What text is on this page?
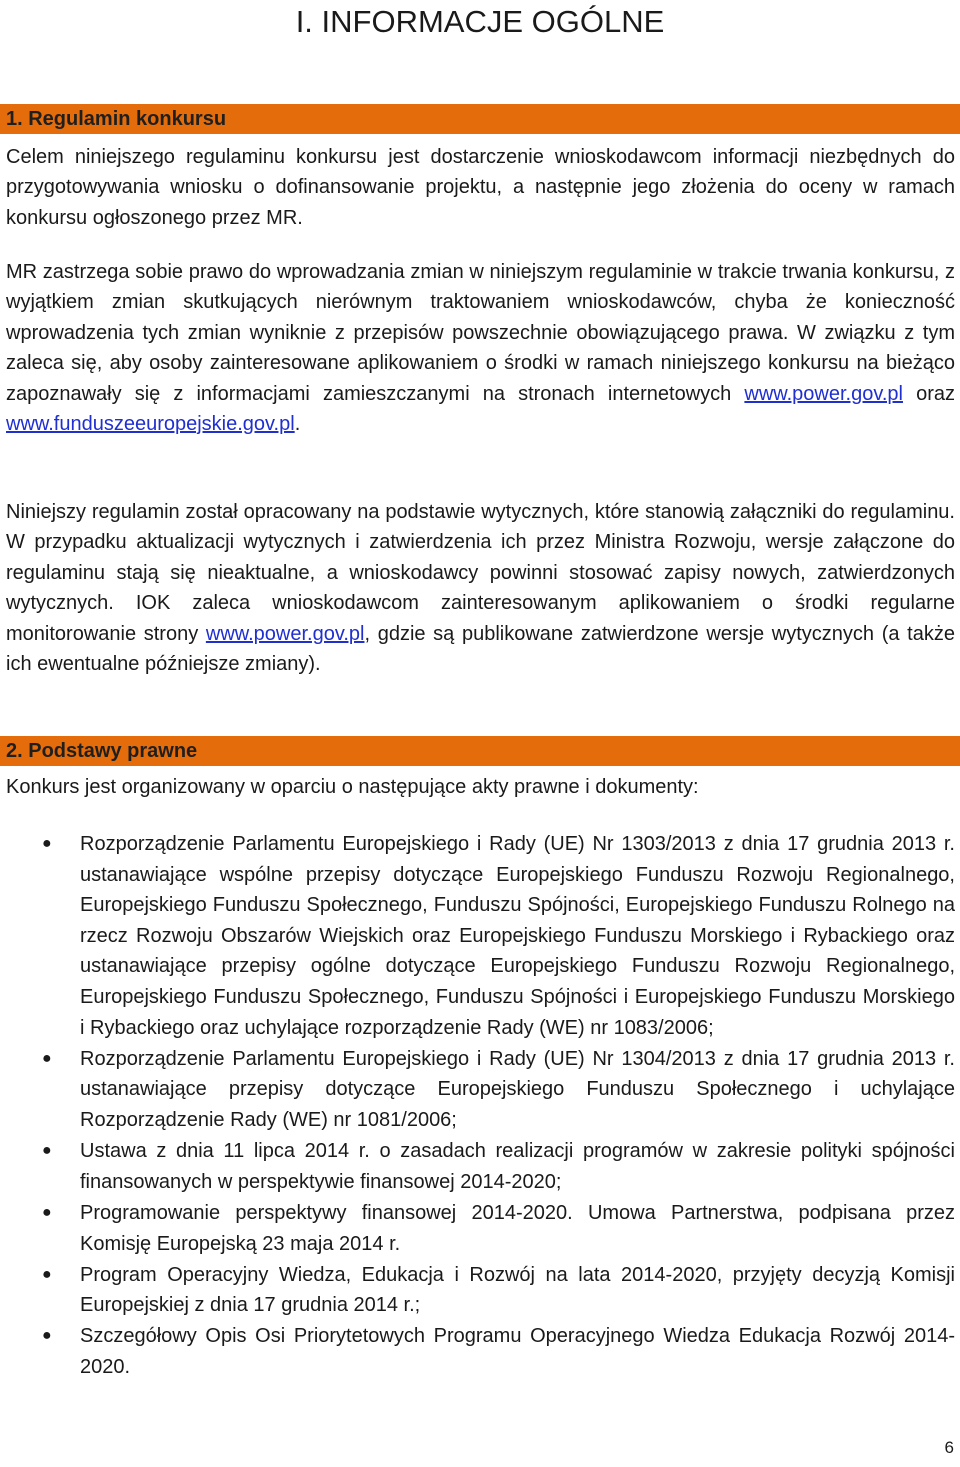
I. INFORMACJE OGÓLNE
1. Regulamin konkursu

Celem niniejszego regulaminu konkursu jest dostarczenie wnioskodawcom informacji niezbędnych do przygotowywania wniosku o dofinansowanie projektu, a następnie jego złożenia do oceny w ramach konkursu ogłoszonego przez MR.

MR zastrzega sobie prawo do wprowadzania zmian w niniejszym regulaminie w trakcie trwania konkursu, z wyjątkiem zmian skutkujących nierównym traktowaniem wnioskodawców, chyba że konieczność wprowadzenia tych zmian wyniknie z przepisów powszechnie obowiązującego prawa. W związku z tym zaleca się, aby osoby zainteresowane aplikowaniem o środki w ramach niniejszego konkursu na bieżąco zapoznawały się z informacjami zamieszczanymi na stronach internetowych www.power.gov.pl oraz www.funduszeeuropejskie.gov.pl.

Niniejszy regulamin został opracowany na podstawie wytycznych, które stanowią załączniki do regulaminu. W przypadku aktualizacji wytycznych i zatwierdzenia ich przez Ministra Rozwoju, wersje załączone do regulaminu stają się nieaktualne, a wnioskodawcy powinni stosować zapisy nowych, zatwierdzonych wytycznych. IOK zaleca wnioskodawcom zainteresowanym aplikowaniem o środki regularne monitorowanie strony www.power.gov.pl, gdzie są publikowane zatwierdzone wersje wytycznych (a także ich ewentualne późniejsze zmiany).

2. Podstawy prawne

Konkurs jest organizowany w oparciu o następujące akty prawne i dokumenty:

● Rozporządzenie Parlamentu Europejskiego i Rady (UE) Nr 1303/2013 z dnia 17 grudnia 2013 r. ustanawiające wspólne przepisy dotyczące Europejskiego Funduszu Rozwoju Regionalnego, Europejskiego Funduszu Społecznego, Funduszu Spójności, Europejskiego Funduszu Rolnego na rzecz Rozwoju Obszarów Wiejskich oraz Europejskiego Funduszu Morskiego i Rybackiego oraz ustanawiające przepisy ogólne dotyczące Europejskiego Funduszu Rozwoju Regionalnego, Europejskiego Funduszu Społecznego, Funduszu Spójności i Europejskiego Funduszu Morskiego i Rybackiego oraz uchylające rozporządzenie Rady (WE) nr 1083/2006;
● Rozporządzenie Parlamentu Europejskiego i Rady (UE) Nr 1304/2013 z dnia 17 grudnia 2013 r. ustanawiające przepisy dotyczące Europejskiego Funduszu Społecznego i uchylające Rozporządzenie Rady (WE) nr 1081/2006;
● Ustawa z dnia 11 lipca 2014 r. o zasadach realizacji programów w zakresie polityki spójności finansowanych w perspektywie finansowej 2014-2020;
● Programowanie perspektywy finansowej 2014-2020. Umowa Partnerstwa, podpisana przez Komisję Europejską 23 maja 2014 r.
● Program Operacyjny Wiedza, Edukacja i Rozwój na lata 2014-2020, przyjęty decyzją Komisji Europejskiej z dnia 17 grudnia 2014 r.;
● Szczegółowy Opis Osi Priorytetowych Programu Operacyjnego Wiedza Edukacja Rozwój 2014-2020.
6
